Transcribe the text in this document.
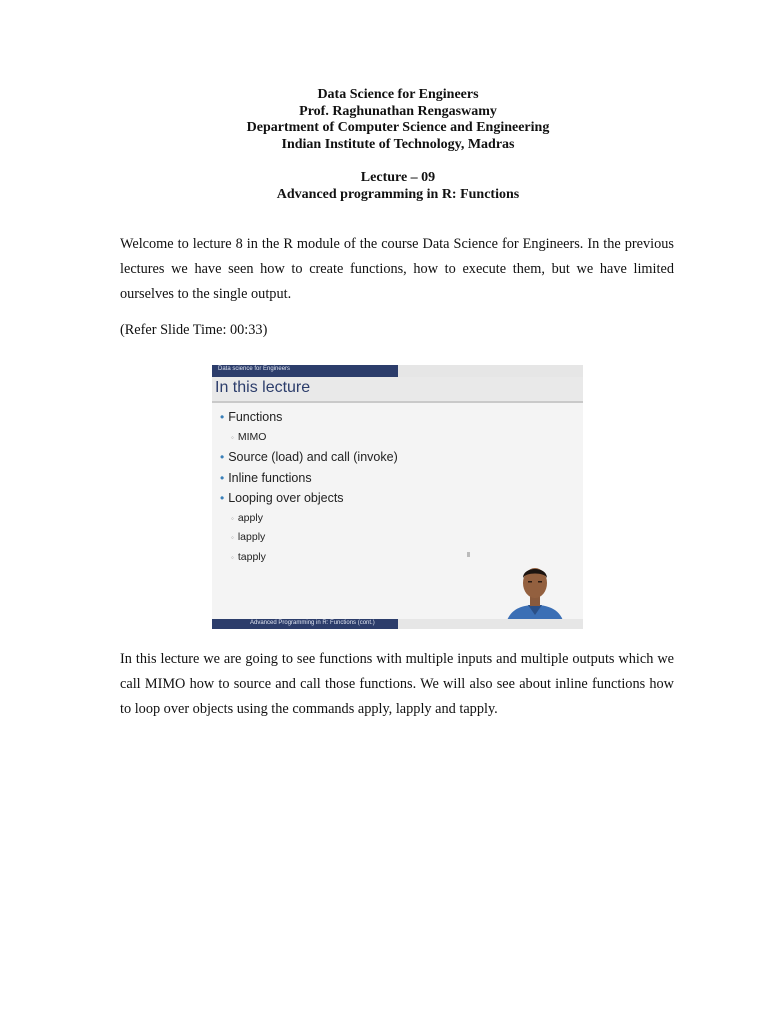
Data Science for Engineers
Prof. Raghunathan Rengaswamy
Department of Computer Science and Engineering
Indian Institute of Technology, Madras
Lecture – 09
Advanced programming in R: Functions

Welcome to lecture 8 in the R module of the course Data Science for Engineers. In the previous lectures we have seen how to create functions, how to execute them, but we have limited ourselves to the single output.

(Refer Slide Time: 00:33)

Data science for Engineers
In this lecture
• Functions
◦ MIMO
• Source (load) and call (invoke)
• Inline functions
• Looping over objects
◦ apply
◦ lapply
◦ tapply
Advanced Programming in R: Functions (cont.)

In this lecture we are going to see functions with multiple inputs and multiple outputs which we call MIMO how to source and call those functions. We will also see about inline functions how to loop over objects using the commands apply, lapply and tapply.
